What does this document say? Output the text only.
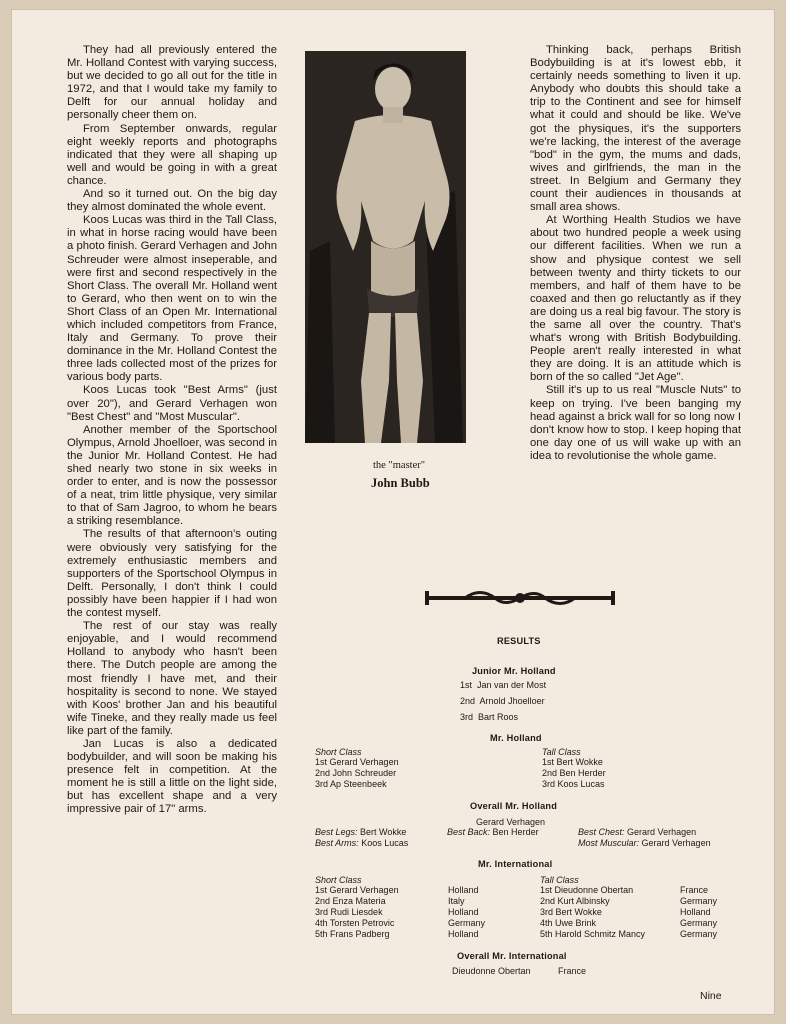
They had all previously entered the Mr. Holland Contest with varying success, but we decided to go all out for the title in 1972, and that I would take my family to Delft for our annual holiday and personally cheer them on.

From September onwards, regular eight weekly reports and photographs indicated that they were all shaping up well and would be going in with a great chance.

And so it turned out. On the big day they almost dominated the whole event.

Koos Lucas was third in the Tall Class, in what in horse racing would have been a photo finish. Gerard Verhagen and John Schreuder were almost inseperable, and were first and second respectively in the Short Class. The overall Mr. Holland went to Gerard, who then went on to win the Short Class of an Open Mr. International which included competitors from France, Italy and Germany. To prove their dominance in the Mr. Holland Contest the three lads collected most of the prizes for various body parts.

Koos Lucas took "Best Arms" (just over 20"), and Gerard Verhagen won "Best Chest" and "Most Muscular".

Another member of the Sportschool Olympus, Arnold Jhoelloer, was second in the Junior Mr. Holland Contest. He had shed nearly two stone in six weeks in order to enter, and is now the possessor of a neat, trim little physique, very similar to that of Sam Jagroo, to whom he bears a striking resemblance.

The results of that afternoon's outing were obviously very satisfying for the extremely enthusiastic members and supporters of the Sportschool Olympus in Delft. Personally, I don't think I could possibly have been happier if I had won the contest myself.

The rest of our stay was really enjoyable, and I would recommend Holland to anybody who hasn't been there. The Dutch people are among the most friendly I have met, and their hospitality is second to none. We stayed with Koos' brother Jan and his beautiful wife Tineke, and they really made us feel like part of the family.

Jan Lucas is also a dedicated bodybuilder, and will soon be making his presence felt in competition. At the moment he is still a little on the light side, but has excellent shape and a very impressive pair of 17" arms.

the "master"
John Bubb

Thinking back, perhaps British Bodybuilding is at it's lowest ebb, it certainly needs something to liven it up. Anybody who doubts this should take a trip to the Continent and see for himself what it could and should be like. We've got the physiques, it's the supporters we're lacking, the interest of the average "bod" in the gym, the mums and dads, wives and girlfriends, the man in the street. In Belgium and Germany they count their audiences in thousands at small area shows.

At Worthing Health Studios we have about two hundred people a week using our different facilities. When we run a show and physique contest we sell between twenty and thirty tickets to our members, and half of them have to be coaxed and then go reluctantly as if they are doing us a real big favour. The story is the same all over the country. That's what's wrong with British Bodybuilding. People aren't really interested in what they are doing. It is an attitude which is born of the so called "Jet Age".

Still it's up to us real "Muscle Nuts" to keep on trying. I've been banging my head against a brick wall for so long now I don't know how to stop. I keep hoping that one day one of us will wake up with an idea to revolutionise the whole game.

RESULTS
Junior Mr. Holland
1st Jan van der Most
2nd Arnold Jhoelloer
3rd Bart Roos
Mr. Holland
Short Class
1st Gerard Verhagen
2nd John Schreuder
3rd Ap Steenbeek
Tall Class
1st Bert Wokke
2nd Ben Herder
3rd Koos Lucas
Overall Mr. Holland
Gerard Verhagen
Best Legs: Bert Wokke
Best Arms: Koos Lucas
Best Back: Ben Herder	Best Chest: Gerard Verhagen
Most Muscular: Gerard Verhagen
Mr. International
Short Class
1st Gerard Verhagen
2nd Enza Materia
3rd Rudi Liesdek
4th Torsten Petrovic
5th Frans Padberg
Holland
Italy
Holland
Germany
Holland
Tall Class
1st Dieudonne Obertan
2nd Kurt Albinsky
3rd Bert Wokke
4th Uwe Brink
5th Harold Schmitz Mancy
France
Germany
Holland
Germany
Germany
Overall Mr. International
Dieudonne Obertan	France
Nine
